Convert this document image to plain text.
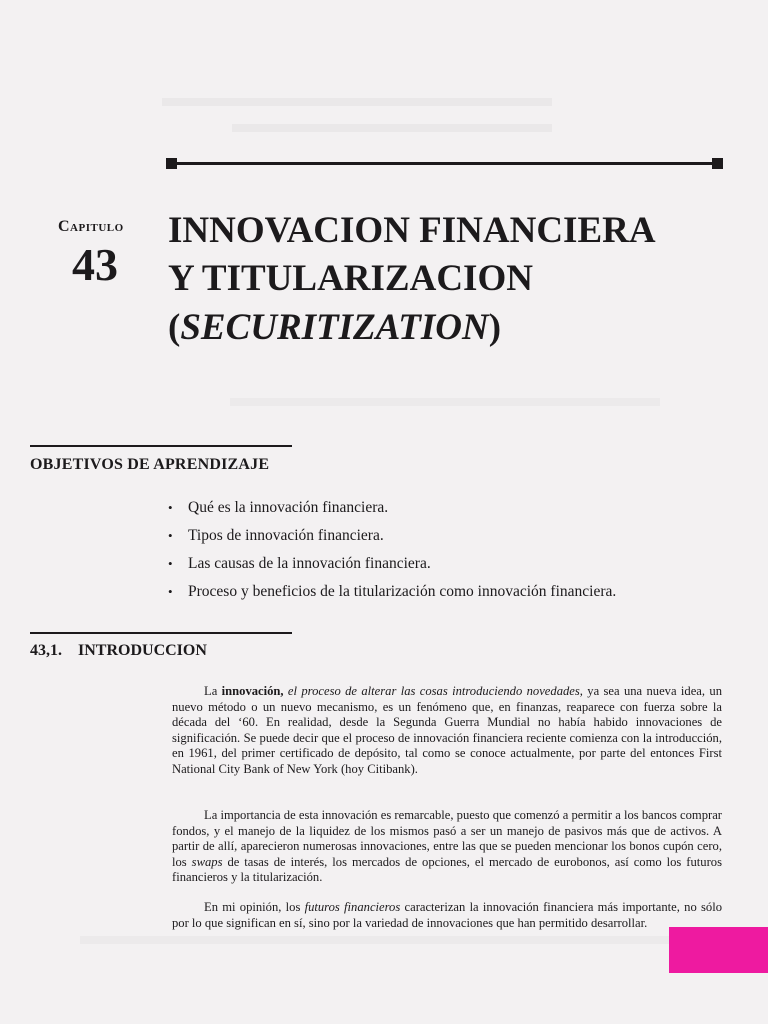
Capitulo
43
INNOVACION FINANCIERA
Y TITULARIZACION
(SECURITIZATION)
OBJETIVOS DE APRENDIZAJE
• Qué es la innovación financiera.
• Tipos de innovación financiera.
• Las causas de la innovación financiera.
• Proceso y beneficios de la titularización como innovación financiera.
43,1. INTRODUCCION

La innovación, el proceso de alterar las cosas introduciendo novedades, ya sea una nueva idea, un nuevo método o un nuevo mecanismo, es un fenómeno que, en finanzas, reaparece con fuerza sobre la década del ‘60. En realidad, desde la Segunda Guerra Mundial no había habido innovaciones de significación. Se puede decir que el proceso de innovación financiera reciente comienza con la introducción, en 1961, del primer certificado de depósito, tal como se conoce actualmente, por parte del entonces First National City Bank of New York (hoy Citibank).

La importancia de esta innovación es remarcable, puesto que comenzó a permitir a los bancos comprar fondos, y el manejo de la liquidez de los mismos pasó a ser un manejo de pasivos más que de activos. A partir de allí, aparecieron numerosas innovaciones, entre las que se pueden mencionar los bonos cupón cero, los swaps de tasas de interés, los mercados de opciones, el mercado de eurobonos, así como los futuros financieros y la titularización.

En mi opinión, los futuros financieros caracterizan la innovación financiera más importante, no sólo por lo que significan en sí, sino por la variedad de innovaciones que han permitido desarrollar.
